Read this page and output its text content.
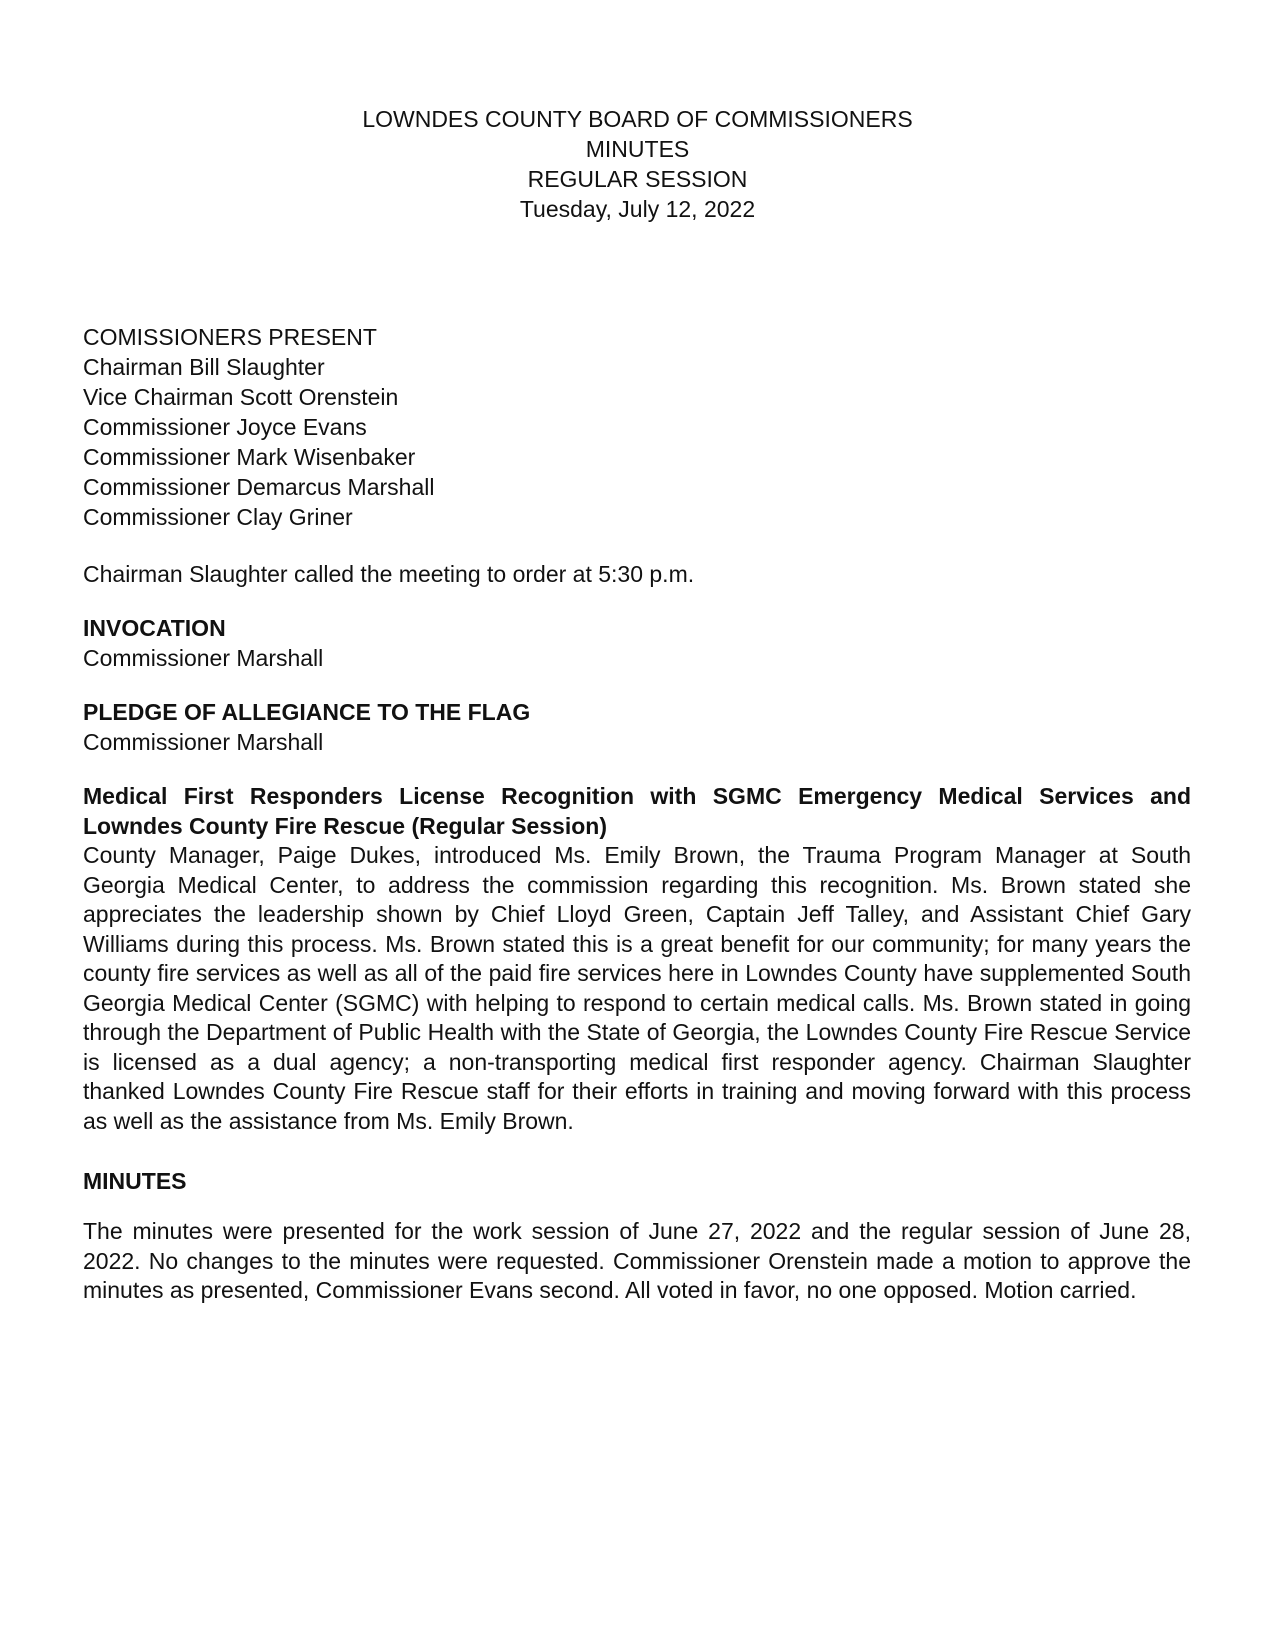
LOWNDES COUNTY BOARD OF COMMISSIONERS
MINUTES
REGULAR SESSION
Tuesday, July 12, 2022
COMISSIONERS PRESENT
Chairman Bill Slaughter
Vice Chairman Scott Orenstein
Commissioner Joyce Evans
Commissioner Mark Wisenbaker
Commissioner Demarcus Marshall
Commissioner Clay Griner
Chairman Slaughter called the meeting to order at 5:30 p.m.
INVOCATION
Commissioner Marshall
PLEDGE OF ALLEGIANCE TO THE FLAG
Commissioner Marshall
Medical First Responders License Recognition with SGMC Emergency Medical Services and Lowndes County Fire Rescue (Regular Session)
County Manager, Paige Dukes, introduced Ms. Emily Brown, the Trauma Program Manager at South Georgia Medical Center, to address the commission regarding this recognition. Ms. Brown stated she appreciates the leadership shown by Chief Lloyd Green, Captain Jeff Talley, and Assistant Chief Gary Williams during this process. Ms. Brown stated this is a great benefit for our community; for many years the county fire services as well as all of the paid fire services here in Lowndes County have supplemented South Georgia Medical Center (SGMC) with helping to respond to certain medical calls. Ms. Brown stated in going through the Department of Public Health with the State of Georgia, the Lowndes County Fire Rescue Service is licensed as a dual agency; a non-transporting medical first responder agency. Chairman Slaughter thanked Lowndes County Fire Rescue staff for their efforts in training and moving forward with this process as well as the assistance from Ms. Emily Brown.
MINUTES
The minutes were presented for the work session of June 27, 2022 and the regular session of June 28, 2022. No changes to the minutes were requested. Commissioner Orenstein made a motion to approve the minutes as presented, Commissioner Evans second. All voted in favor, no one opposed. Motion carried.
